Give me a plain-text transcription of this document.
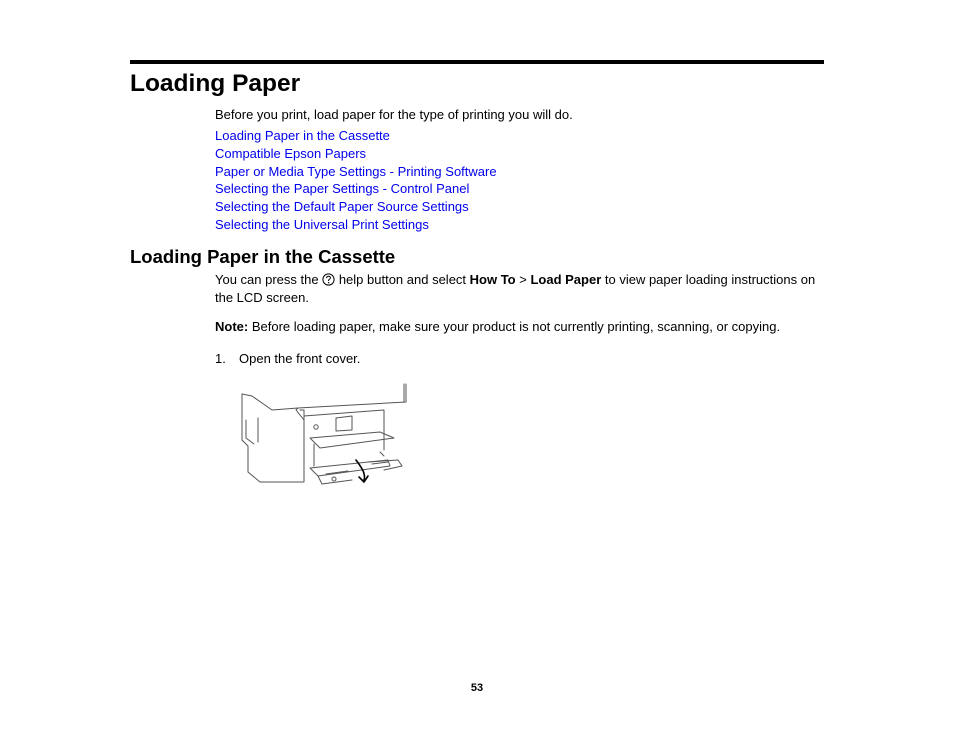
Loading Paper

Before you print, load paper for the type of printing you will do.

Loading Paper in the Cassette
Compatible Epson Papers
Paper or Media Type Settings - Printing Software
Selecting the Paper Settings - Control Panel
Selecting the Default Paper Source Settings
Selecting the Universal Print Settings
Loading Paper in the Cassette

You can press the  help button and select How To > Load Paper to view paper loading instructions on the LCD screen.

Note: Before loading paper, make sure your product is not currently printing, scanning, or copying.

1. Open the front cover.

53
